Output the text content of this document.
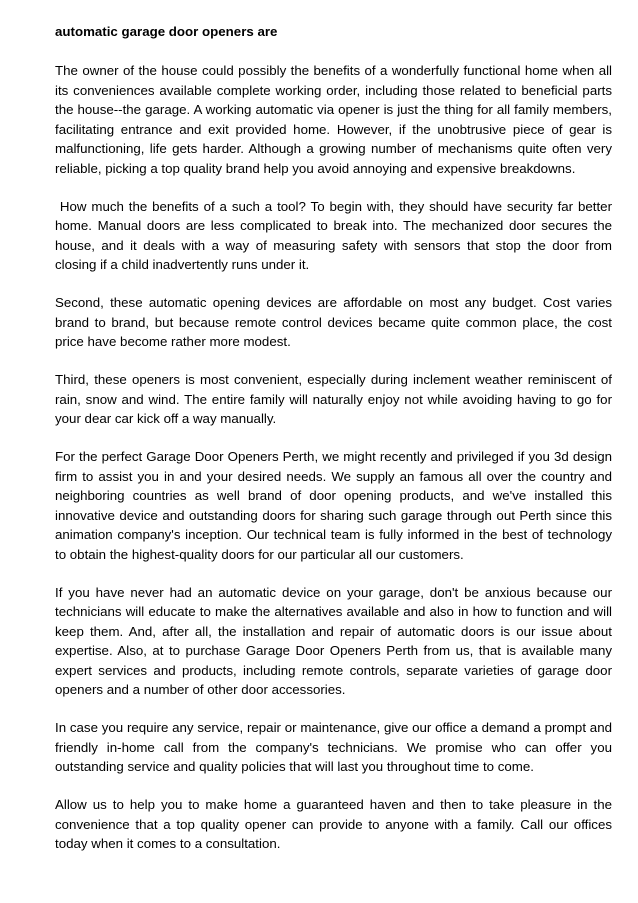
automatic garage door openers are

The owner of the house could possibly the benefits of a wonderfully functional home when all its conveniences available complete working order, including those related to beneficial parts the house--the garage. A working automatic via opener is just the thing for all family members, facilitating entrance and exit provided home. However, if the unobtrusive piece of gear is malfunctioning, life gets harder. Although a growing number of mechanisms quite often very reliable, picking a top quality brand help you avoid annoying and expensive breakdowns.

How much the benefits of a such a tool? To begin with, they should have security far better home. Manual doors are less complicated to break into. The mechanized door secures the house, and it deals with a way of measuring safety with sensors that stop the door from closing if a child inadvertently runs under it.

Second, these automatic opening devices are affordable on most any budget. Cost varies brand to brand, but because remote control devices became quite common place, the cost price have become rather more modest.

Third, these openers is most convenient, especially during inclement weather reminiscent of rain, snow and wind. The entire family will naturally enjoy not while avoiding having to go for your dear car kick off a way manually.

For the perfect Garage Door Openers Perth, we might recently and privileged if you 3d design firm to assist you in and your desired needs. We supply an famous all over the country and neighboring countries as well brand of door opening products, and we've installed this innovative device and outstanding doors for sharing such garage through out Perth since this animation company's inception. Our technical team is fully informed in the best of technology to obtain the highest-quality doors for our particular all our customers.

If you have never had an automatic device on your garage, don't be anxious because our technicians will educate to make the alternatives available and also in how to function and will keep them. And, after all, the installation and repair of automatic doors is our issue about expertise. Also, at to purchase Garage Door Openers Perth from us, that is available many expert services and products, including remote controls, separate varieties of garage door openers and a number of other door accessories.

In case you require any service, repair or maintenance, give our office a demand a prompt and friendly in-home call from the company's technicians. We promise who can offer you outstanding service and quality policies that will last you throughout time to come.

Allow us to help you to make home a guaranteed haven and then to take pleasure in the convenience that a top quality opener can provide to anyone with a family. Call our offices today when it comes to a consultation.
